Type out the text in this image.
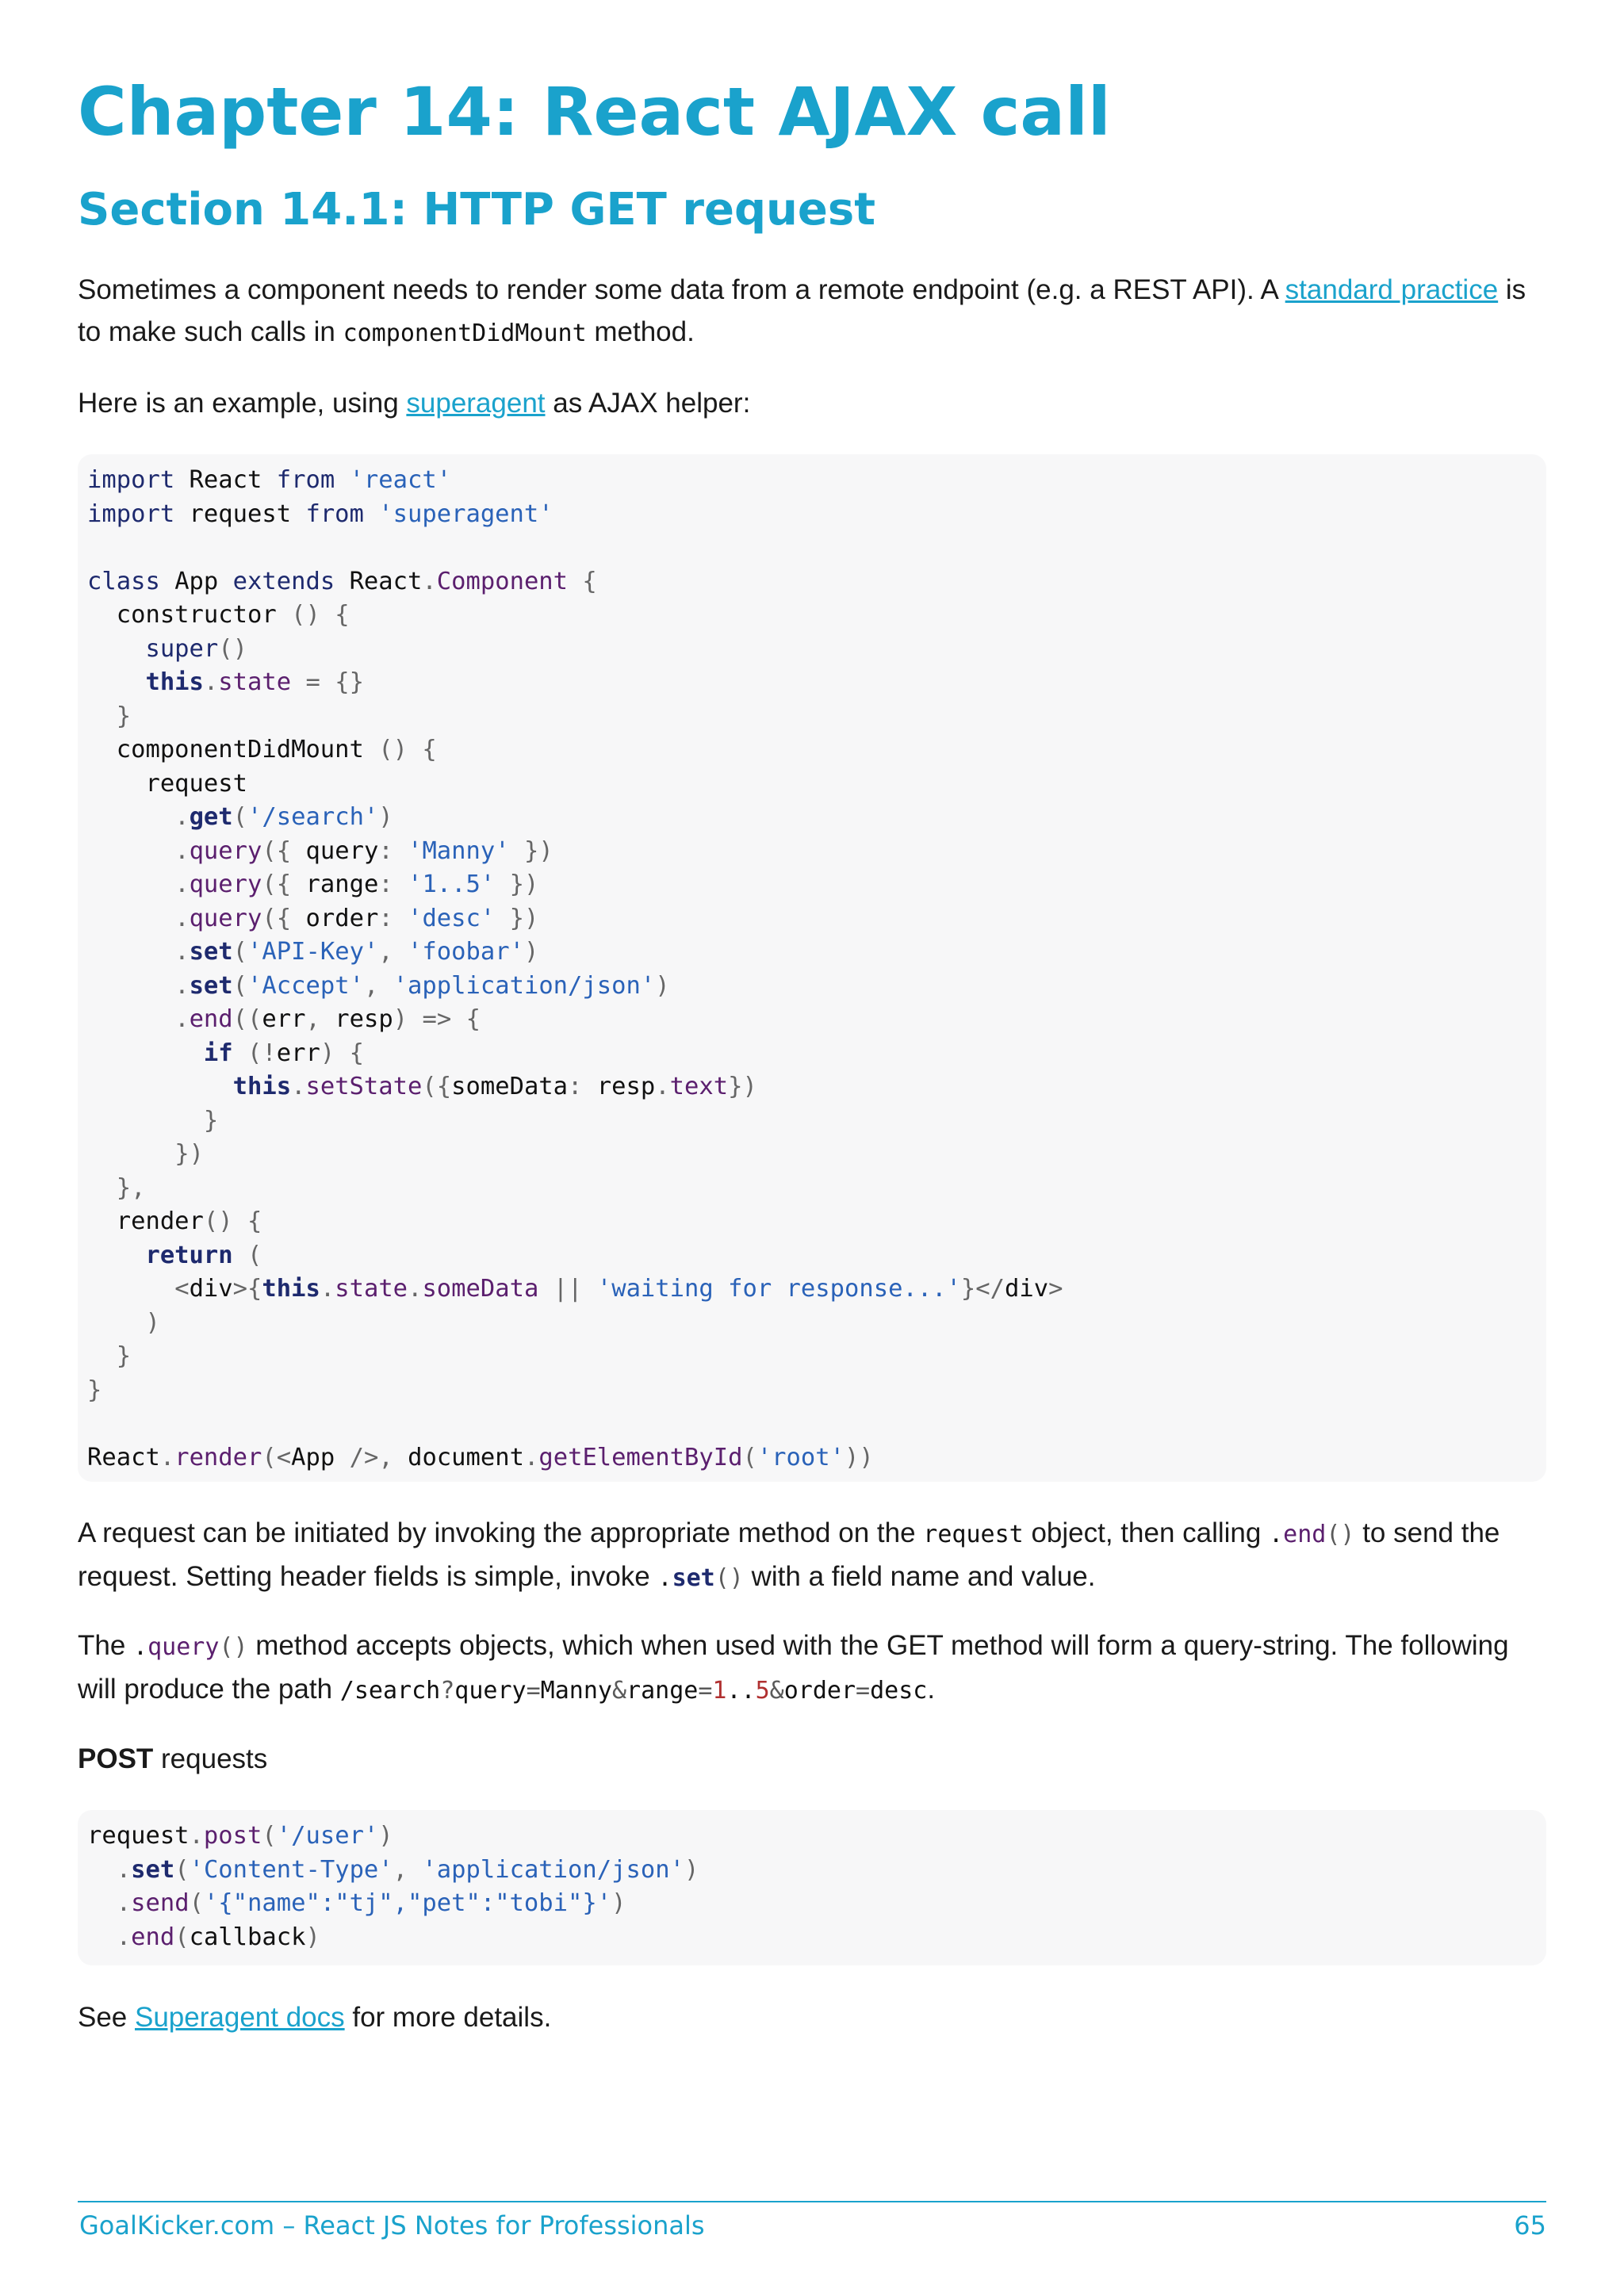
Chapter 14: React AJAX call
Section 14.1: HTTP GET request

Sometimes a component needs to render some data from a remote endpoint (e.g. a REST API). A standard practice is to make such calls in componentDidMount method.

Here is an example, using superagent as AJAX helper:

import React from 'react'
import request from 'superagent'

class App extends React.Component {
constructor () {
super()
this.state = {}
}
componentDidMount () {
request
.get('/search')
.query({ query: 'Manny' })
.query({ range: '1..5' })
.query({ order: 'desc' })
.set('API-Key', 'foobar')
.set('Accept', 'application/json')
.end((err, resp) => {
if (!err) {
this.setState({someData: resp.text})
}
})
},
render() {
return (
<div>{this.state.someData || 'waiting for response...'}</div>
)
}
}

React.render(<App />, document.getElementById('root'))

A request can be initiated by invoking the appropriate method on the request object, then calling .end() to send the request. Setting header fields is simple, invoke .set() with a field name and value.

The .query() method accepts objects, which when used with the GET method will form a query-string. The following will produce the path /search?query=Manny&range=1..5&order=desc.

POST requests

request.post('/user')
.set('Content-Type', 'application/json')
.send('{"name":"tj","pet":"tobi"}')
.end(callback)

See Superagent docs for more details.

GoalKicker.com – React JS Notes for Professionals	65
